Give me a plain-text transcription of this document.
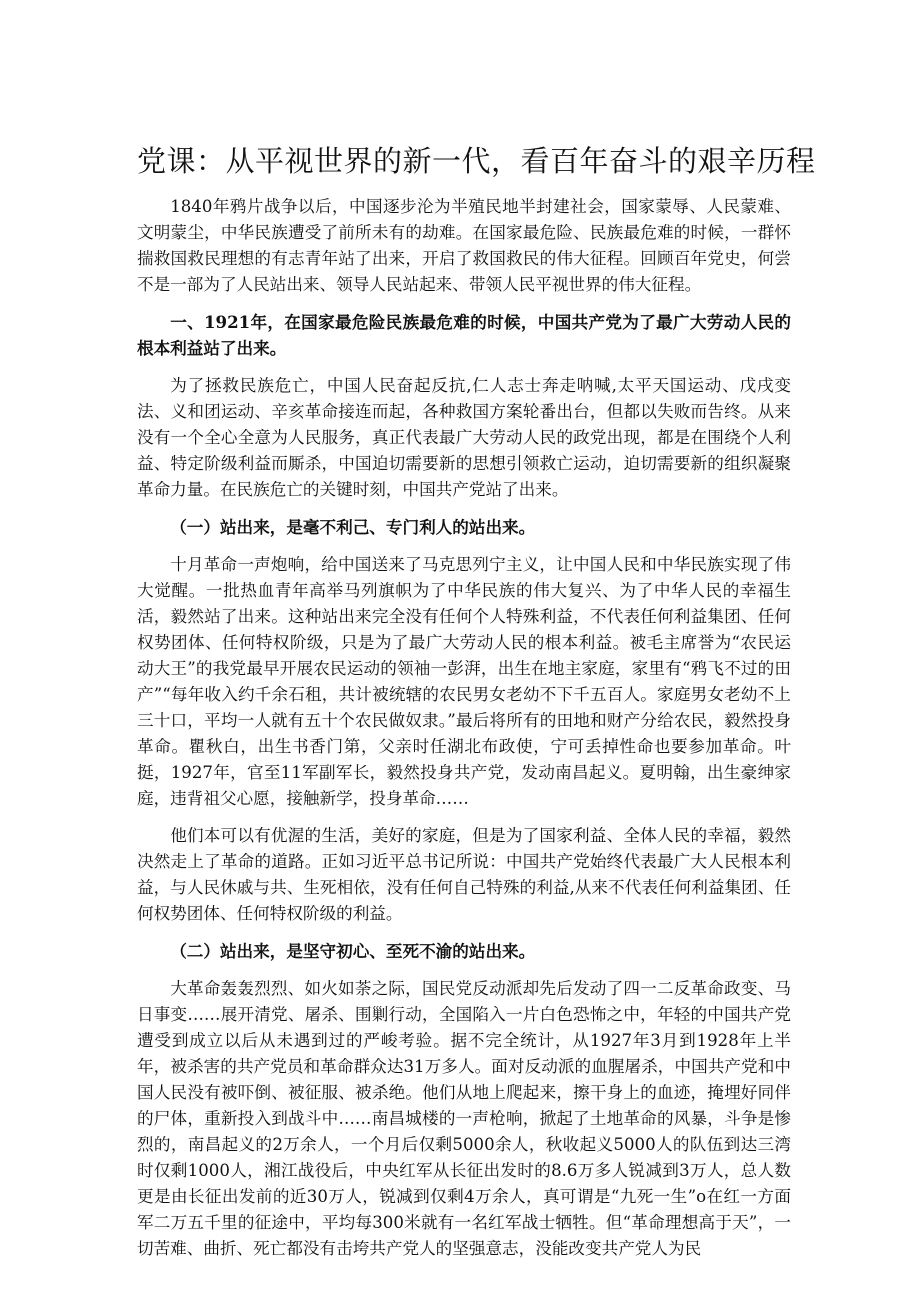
党课：从平视世界的新一代，看百年奋斗的艰辛历程

1840年鸦片战争以后，中国逐步沦为半殖民地半封建社会，国家蒙辱、人民蒙难、文明蒙尘，中华民族遭受了前所未有的劫难。在国家最危险、民族最危难的时候，一群怀揣救国救民理想的有志青年站了出来，开启了救国救民的伟大征程。回顾百年党史，何尝不是一部为了人民站出来、领导人民站起来、带领人民平视世界的伟大征程。

一、1921年，在国家最危险民族最危难的时候，中国共产党为了最广大劳动人民的根本利益站了出来。

为了拯救民族危亡，中国人民奋起反抗,仁人志士奔走呐喊,太平天国运动、戊戌变法、义和团运动、辛亥革命接连而起，各种救国方案轮番出台，但都以失败而告终。从来没有一个全心全意为人民服务，真正代表最广大劳动人民的政党出现，都是在围绕个人利益、特定阶级利益而厮杀，中国迫切需要新的思想引领救亡运动，迫切需要新的组织凝聚革命力量。在民族危亡的关键时刻，中国共产党站了出来。

（一）站出来，是毫不利己、专门利人的站出来。

十月革命一声炮响，给中国送来了马克思列宁主义，让中国人民和中华民族实现了伟大觉醒。一批热血青年高举马列旗帜为了中华民族的伟大复兴、为了中华人民的幸福生活，毅然站了出来。这种站出来完全没有任何个人特殊利益，不代表任何利益集团、任何权势团体、任何特权阶级，只是为了最广大劳动人民的根本利益。被毛主席誉为“农民运动大王”的我党最早开展农民运动的领袖一彭湃，出生在地主家庭，家里有“鸦飞不过的田产”“每年收入约千余石租，共计被统辖的农民男女老幼不下千五百人。家庭男女老幼不上三十口，平均一人就有五十个农民做奴隶。”最后将所有的田地和财产分给农民，毅然投身革命。瞿秋白，出生书香门第，父亲时任湖北布政使，宁可丢掉性命也要参加革命。叶挺，1927年，官至11军副军长，毅然投身共产党，发动南昌起义。夏明翰，出生豪绅家庭，违背祖父心愿，接触新学，投身革命……

他们本可以有优渥的生活，美好的家庭，但是为了国家利益、全体人民的幸福，毅然决然走上了革命的道路。正如习近平总书记所说：中国共产党始终代表最广大人民根本利益，与人民休戚与共、生死相依，没有任何自己特殊的利益,从来不代表任何利益集团、任何权势团体、任何特权阶级的利益。

（二）站出来，是坚守初心、至死不渝的站出来。

大革命轰轰烈烈、如火如荼之际，国民党反动派却先后发动了四一二反革命政变、马日事变……展开清党、屠杀、围剿行动，全国陷入一片白色恐怖之中，年轻的中国共产党遭受到成立以后从未遇到过的严峻考验。据不完全统计，从1927年3月到1928年上半年，被杀害的共产党员和革命群众达31万多人。面对反动派的血腥屠杀，中国共产党和中国人民没有被吓倒、被征服、被杀绝。他们从地上爬起来，擦干身上的血迹，掩埋好同伴的尸体，重新投入到战斗中……南昌城楼的一声枪响，掀起了土地革命的风暴，斗争是惨烈的，南昌起义的2万余人，一个月后仅剩5000余人，秋收起义5000人的队伍到达三湾时仅剩1000人，湘江战役后，中央红军从长征出发时的8.6万多人锐减到3万人，总人数更是由长征出发前的近30万人，锐减到仅剩4万余人，真可谓是“九死一生”o在红一方面军二万五千里的征途中，平均每300米就有一名红军战士牺牲。但“革命理想高于天”，一切苦难、曲折、死亡都没有击垮共产党人的坚强意志，没能改变共产党人为民
